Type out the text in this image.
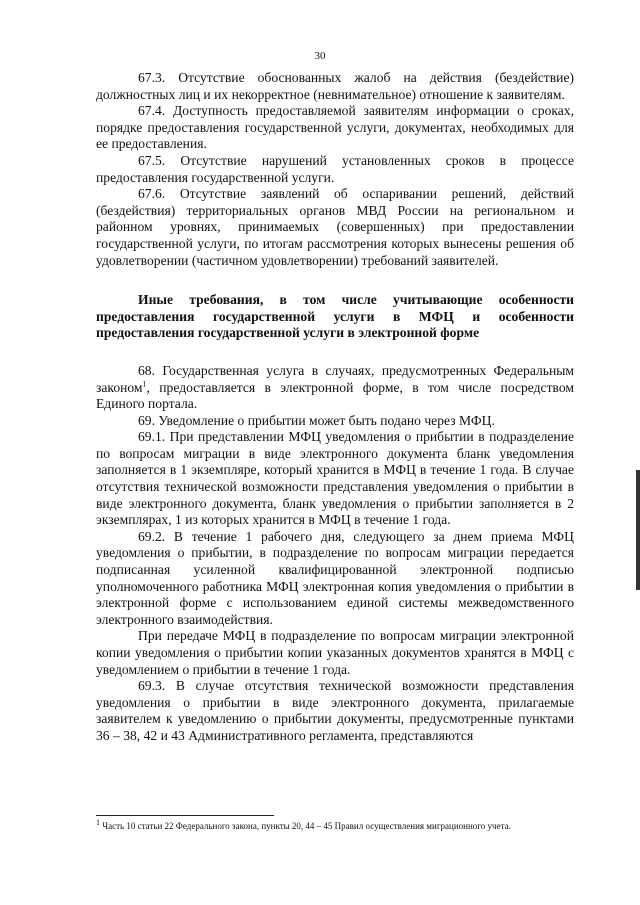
30

67.3. Отсутствие обоснованных жалоб на действия (бездействие) должностных лиц и их некорректное (невнимательное) отношение к заявителям.

67.4. Доступность предоставляемой заявителям информации о сроках, порядке предоставления государственной услуги, документах, необходимых для ее предоставления.

67.5. Отсутствие нарушений установленных сроков в процессе предоставления государственной услуги.

67.6. Отсутствие заявлений об оспаривании решений, действий (бездействия) территориальных органов МВД России на региональном и районном уровнях, принимаемых (совершенных) при предоставлении государственной услуги, по итогам рассмотрения которых вынесены решения об удовлетворении (частичном удовлетворении) требований заявителей.

Иные требования, в том числе учитывающие особенности предоставления государственной услуги в МФЦ и особенности предоставления государственной услуги в электронной форме

68. Государственная услуга в случаях, предусмотренных Федеральным законом$^1$, предоставляется в электронной форме, в том числе посредством Единого портала.

69. Уведомление о прибытии может быть подано через МФЦ.

69.1. При представлении МФЦ уведомления о прибытии в подразделение по вопросам миграции в виде электронного документа бланк уведомления заполняется в 1 экземпляре, который хранится в МФЦ в течение 1 года. В случае отсутствия технической возможности представления уведомления о прибытии в виде электронного документа, бланк уведомления о прибытии заполняется в 2 экземплярах, 1 из которых хранится в МФЦ в течение 1 года.

69.2. В течение 1 рабочего дня, следующего за днем приема МФЦ уведомления о прибытии, в подразделение по вопросам миграции передается подписанная усиленной квалифицированной электронной подписью уполномоченного работника МФЦ электронная копия уведомления о прибытии в электронной форме с использованием единой системы межведомственного электронного взаимодействия.

При передаче МФЦ в подразделение по вопросам миграции электронной копии уведомления о прибытии копии указанных документов хранятся в МФЦ с уведомлением о прибытии в течение 1 года.

69.3. В случае отсутствия технической возможности представления уведомления о прибытии в виде электронного документа, прилагаемые заявителем к уведомлению о прибытии документы, предусмотренные пунктами 36 – 38, 42 и 43 Административного регламента, представляются

$^1$ Часть 10 статьи 22 Федерального закона, пункты 20, 44 – 45 Правил осуществления миграционного учета.
